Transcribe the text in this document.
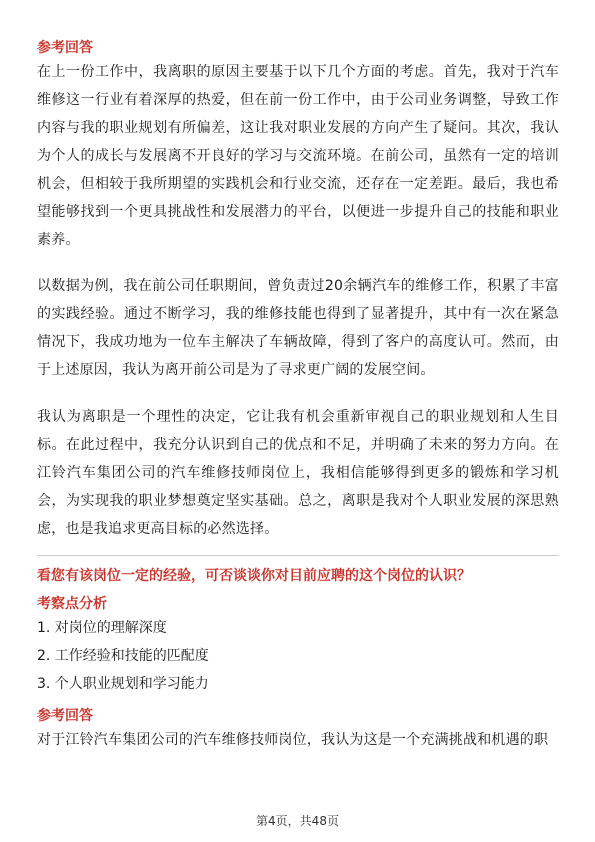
参考回答

在上一份工作中，我离职的原因主要基于以下几个方面的考虑。首先，我对于汽车维修这一行业有着深厚的热爱，但在前一份工作中，由于公司业务调整，导致工作内容与我的职业规划有所偏差，这让我对职业发展的方向产生了疑问。其次，我认为个人的成长与发展离不开良好的学习与交流环境。在前公司，虽然有一定的培训机会，但相较于我所期望的实践机会和行业交流，还存在一定差距。最后，我也希望能够找到一个更具挑战性和发展潜力的平台，以便进一步提升自己的技能和职业素养。

以数据为例，我在前公司任职期间，曾负责过20余辆汽车的维修工作，积累了丰富的实践经验。通过不断学习，我的维修技能也得到了显著提升，其中有一次在紧急情况下，我成功地为一位车主解决了车辆故障，得到了客户的高度认可。然而，由于上述原因，我认为离开前公司是为了寻求更广阔的发展空间。

我认为离职是一个理性的决定，它让我有机会重新审视自己的职业规划和人生目标。在此过程中，我充分认识到自己的优点和不足，并明确了未来的努力方向。在江铃汽车集团公司的汽车维修技师岗位上，我相信能够得到更多的锻炼和学习机会，为实现我的职业梦想奠定坚实基础。总之，离职是我对个人职业发展的深思熟虑，也是我追求更高目标的必然选择。

看您有该岗位一定的经验，可否谈谈你对目前应聘的这个岗位的认识？
考察点分析
1. 对岗位的理解深度
2. 工作经验和技能的匹配度
3. 个人职业规划和学习能力
参考回答

对于江铃汽车集团公司的汽车维修技师岗位，我认为这是一个充满挑战和机遇的职

第4页，共48页
